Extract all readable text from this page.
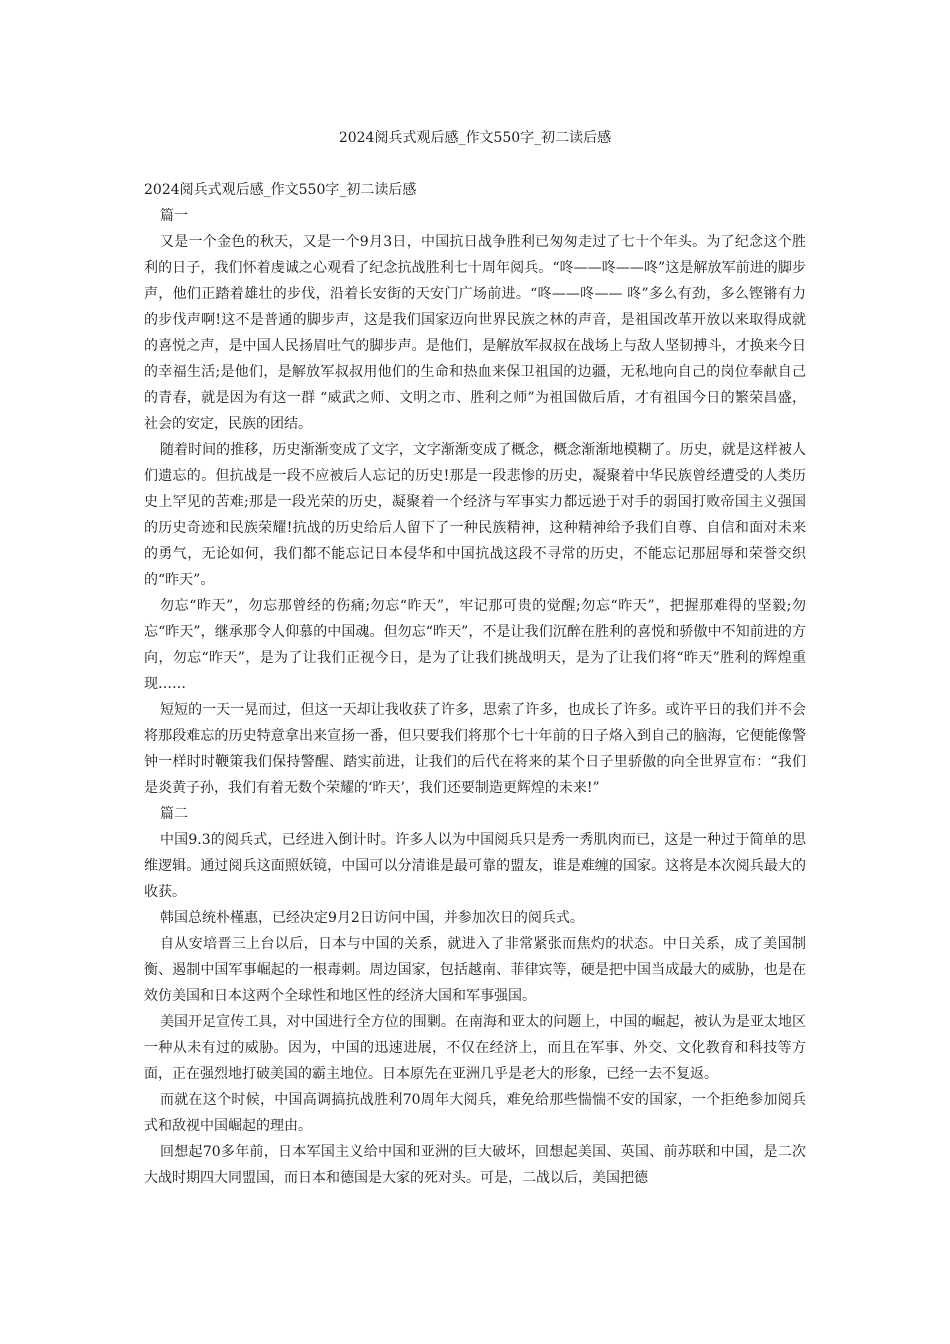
2024阅兵式观后感_作文550字_初二读后感

2024阅兵式观后感_作文550字_初二读后感

篇一

又是一个金色的秋天，又是一个9月3日，中国抗日战争胜利已匆匆走过了七十个年头。为了纪念这个胜利的日子，我们怀着虔诚之心观看了纪念抗战胜利七十周年阅兵。“咚——咚——咚”这是解放军前进的脚步声，他们正踏着雄壮的步伐，沿着长安街的天安门广场前进。“咚——咚—— 咚”多么有劲，多么铿锵有力的步伐声啊!这不是普通的脚步声，这是我们国家迈向世界民族之林的声音，是祖国改革开放以来取得成就的喜悦之声，是中国人民扬眉吐气的脚步声。是他们，是解放军叔叔在战场上与敌人坚韧搏斗，才换来今日的幸福生活;是他们，是解放军叔叔用他们的生命和热血来保卫祖国的边疆，无私地向自己的岗位奉献自己的青春，就是因为有这一群 “威武之师、文明之市、胜利之师”为祖国做后盾，才有祖国今日的繁荣昌盛，社会的安定，民族的团结。

随着时间的推移，历史渐渐变成了文字，文字渐渐变成了概念，概念渐渐地模糊了。历史，就是这样被人们遗忘的。但抗战是一段不应被后人忘记的历史!那是一段悲惨的历史，凝聚着中华民族曾经遭受的人类历史上罕见的苦难;那是一段光荣的历史，凝聚着一个经济与军事实力都远逊于对手的弱国打败帝国主义强国的历史奇迹和民族荣耀!抗战的历史给后人留下了一种民族精神，这种精神给予我们自尊、自信和面对未来的勇气，无论如何，我们都不能忘记日本侵华和中国抗战这段不寻常的历史，不能忘记那屈辱和荣誉交织的“昨天”。

勿忘“昨天”，勿忘那曾经的伤痛;勿忘“昨天”，牢记那可贵的觉醒;勿忘“昨天”，把握那难得的坚毅;勿忘“昨天”，继承那令人仰慕的中国魂。但勿忘“昨天”，不是让我们沉醉在胜利的喜悦和骄傲中不知前进的方向，勿忘“昨天”，是为了让我们正视今日，是为了让我们挑战明天，是为了让我们将“昨天”胜利的辉煌重现……

短短的一天一晃而过，但这一天却让我收获了许多，思索了许多，也成长了许多。或许平日的我们并不会将那段难忘的历史特意拿出来宣扬一番，但只要我们将那个七十年前的日子烙入到自己的脑海，它便能像警钟一样时时鞭策我们保持警醒、踏实前进，让我们的后代在将来的某个日子里骄傲的向全世界宣布：“我们是炎黄子孙，我们有着无数个荣耀的‘昨天’，我们还要制造更辉煌的未来!”

篇二

中国9.3的阅兵式，已经进入倒计时。许多人以为中国阅兵只是秀一秀肌肉而已，这是一种过于简单的思维逻辑。通过阅兵这面照妖镜，中国可以分清谁是最可靠的盟友，谁是难缠的国家。这将是本次阅兵最大的收获。

韩国总统朴槿惠，已经决定9月2日访问中国，并参加次日的阅兵式。

自从安培晋三上台以后，日本与中国的关系，就进入了非常紧张而焦灼的状态。中日关系，成了美国制衡、遏制中国军事崛起的一根毒刺。周边国家，包括越南、菲律宾等，硬是把中国当成最大的威胁，也是在效仿美国和日本这两个全球性和地区性的经济大国和军事强国。

美国开足宣传工具，对中国进行全方位的围剿。在南海和亚太的问题上，中国的崛起，被认为是亚太地区一种从未有过的威胁。因为，中国的迅速进展，不仅在经济上，而且在军事、外交、文化教育和科技等方面，正在强烈地打破美国的霸主地位。日本原先在亚洲几乎是老大的形象，已经一去不复返。

而就在这个时候，中国高调搞抗战胜利70周年大阅兵，难免给那些惴惴不安的国家，一个拒绝参加阅兵式和敌视中国崛起的理由。

回想起70多年前，日本军国主义给中国和亚洲的巨大破坏，回想起美国、英国、前苏联和中国，是二次大战时期四大同盟国，而日本和德国是大家的死对头。可是，二战以后，美国把德
